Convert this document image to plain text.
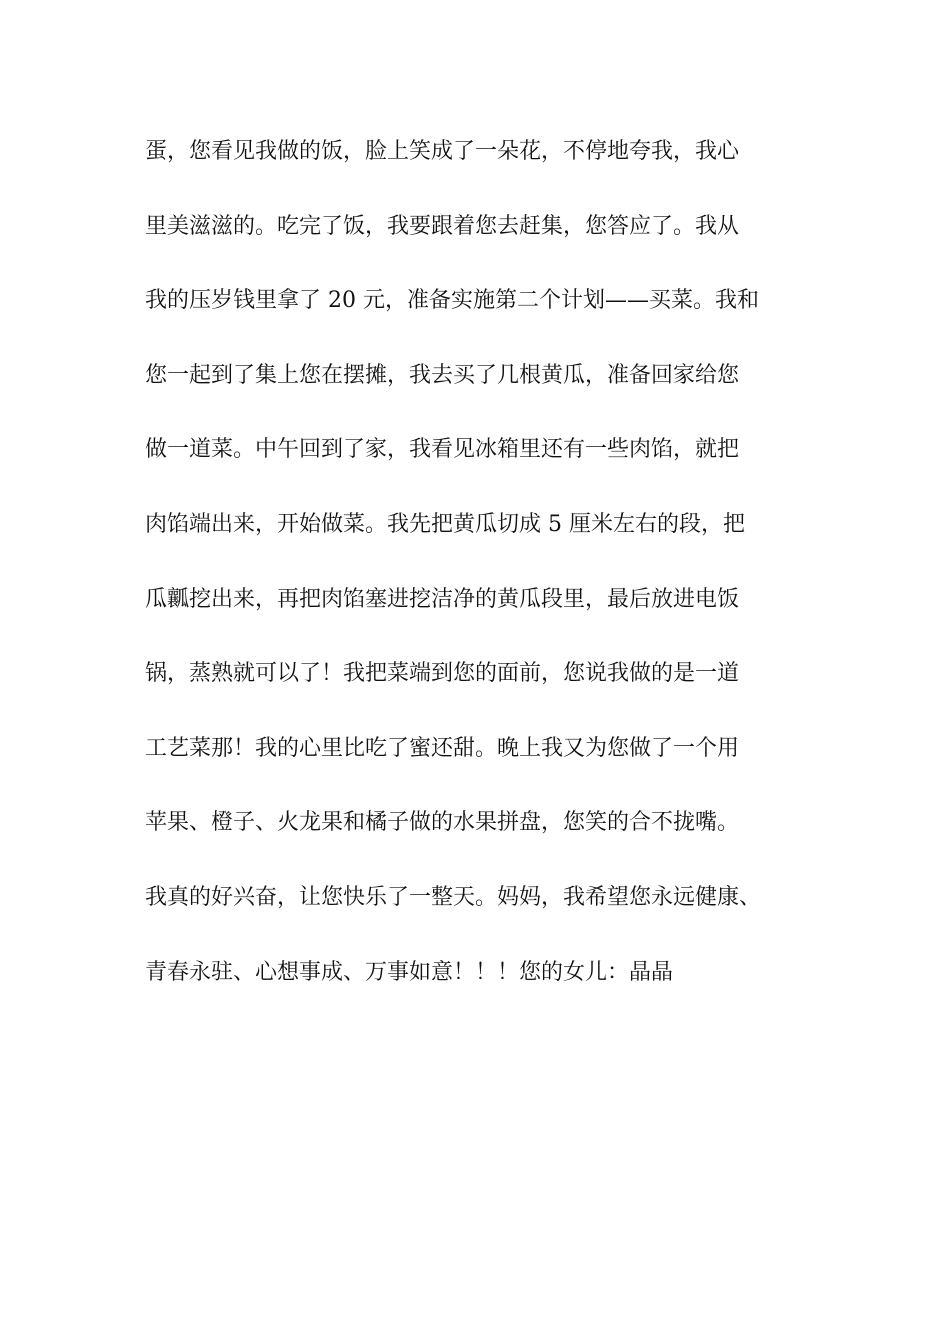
蛋，您看见我做的饭，脸上笑成了一朵花，不停地夸我，我心
里美滋滋的。吃完了饭，我要跟着您去赶集，您答应了。我从
我的压岁钱里拿了 20 元，准备实施第二个计划——买菜。我和
您一起到了集上您在摆摊，我去买了几根黄瓜，准备回家给您
做一道菜。中午回到了家，我看见冰箱里还有一些肉馅，就把
肉馅端出来，开始做菜。我先把黄瓜切成 5 厘米左右的段，把
瓜瓤挖出来，再把肉馅塞进挖洁净的黄瓜段里，最后放进电饭
锅，蒸熟就可以了！我把菜端到您的面前，您说我做的是一道
工艺菜那！我的心里比吃了蜜还甜。晚上我又为您做了一个用
苹果、橙子、火龙果和橘子做的水果拼盘，您笑的合不拢嘴。
我真的好兴奋，让您快乐了一整天。妈妈，我希望您永远健康、
青春永驻、心想事成、万事如意！！！您的女儿：晶晶
